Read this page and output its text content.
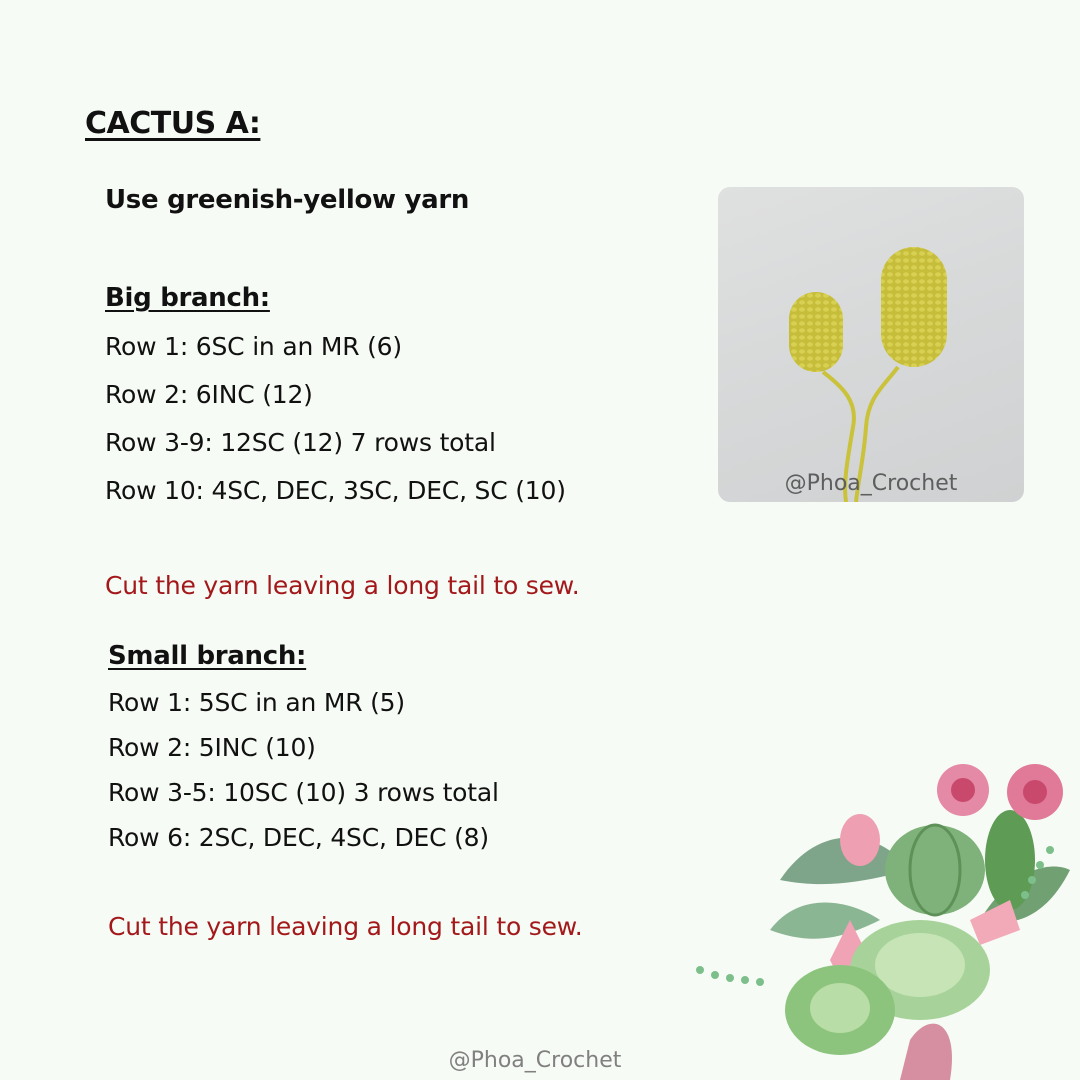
CACTUS A:
Use greenish-yellow yarn
Big branch:
Row 1: 6SC in an MR (6)
Row 2: 6INC (12)
Row 3-9: 12SC (12) 7 rows total
Row 10: 4SC, DEC, 3SC, DEC, SC (10)
Cut the yarn leaving a long tail to sew.
Small branch:
Row 1: 5SC in an MR (5)
Row 2: 5INC (10)
Row 3-5: 10SC (10) 3 rows total
Row 6: 2SC, DEC, 4SC, DEC (8)
Cut the yarn leaving a long tail to sew.
@Phoa_Crochet
@Phoa_Crochet
